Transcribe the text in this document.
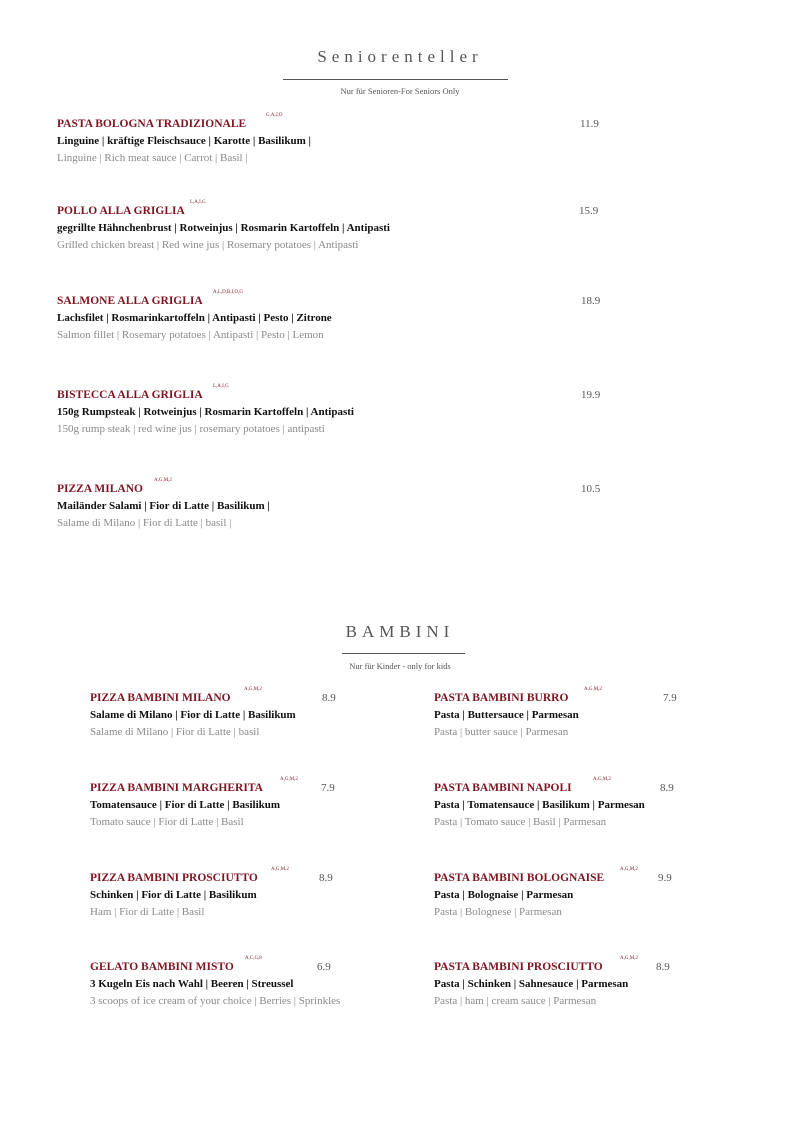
Seniorenteller
Nur für Senioren-For Seniors Only
PASTA BOLOGNA TRADIZIONALE
G,A,J,O
11.9
Linguine | kräftige Fleischsauce | Karotte | Basilikum |
Linguine | Rich meat sauce | Carrot | Basil |
POLLO ALLA GRIGLIA
L,A,I,G
15.9
gegrillte Hähnchenbrust | Rotweinjus | Rosmarin Kartoffeln | Antipasti
Grilled chicken breast | Red wine jus | Rosemary potatoes | Antipasti
SALMONE ALLA GRIGLIA
A,L,D,B,I,O,G
18.9
Lachsfilet | Rosmarinkartoffeln | Antipasti | Pesto | Zitrone
Salmon fillet | Rosemary potatoes | Antipasti | Pesto | Lemon
BISTECCA ALLA GRIGLIA
L,A,I,G
19.9
150g Rumpsteak | Rotweinjus | Rosmarin Kartoffeln | Antipasti
150g rump steak | red wine jus | rosemary potatoes | antipasti
PIZZA MILANO
A,G,M,2
10.5
Mailänder Salami | Fior di Latte | Basilikum |
Salame di Milano | Fior di Latte | basil |
BAMBINI
Nur für Kinder - only for kids
PIZZA BAMBINI MILANO
A,G,M,2
8.9
Salame di Milano | Fior di Latte | Basilikum
Salame di Milano | Fior di Latte | basil
PIZZA BAMBINI MARGHERITA
A,G,M,2
7.9
Tomatensauce | Fior di Latte | Basilikum
Tomato sauce | Fior di Latte | Basil
PIZZA BAMBINI PROSCIUTTO
A,G,M,2
8.9
Schinken | Fior di Latte | Basilikum
Ham | Fior di Latte | Basil
GELATO BAMBINI MISTO
A,C,G,8
6.9
3 Kugeln Eis nach Wahl | Beeren | Streussel
3 scoops of ice cream of your choice | Berries | Sprinkles
PASTA BAMBINI BURRO
A,G,M,2
7.9
Pasta | Buttersauce | Parmesan
Pasta | butter sauce | Parmesan
PASTA BAMBINI NAPOLI
A,G,M,2
8.9
Pasta | Tomatensauce | Basilikum | Parmesan
Pasta | Tomato sauce | Basil | Parmesan
PASTA BAMBINI BOLOGNAISE
A,G,M,2
9.9
Pasta | Bolognaise | Parmesan
Pasta | Bolognese | Parmesan
PASTA BAMBINI PROSCIUTTO
A,G,M,2
8.9
Pasta | Schinken | Sahnesauce | Parmesan
Pasta | ham | cream sauce | Parmesan
